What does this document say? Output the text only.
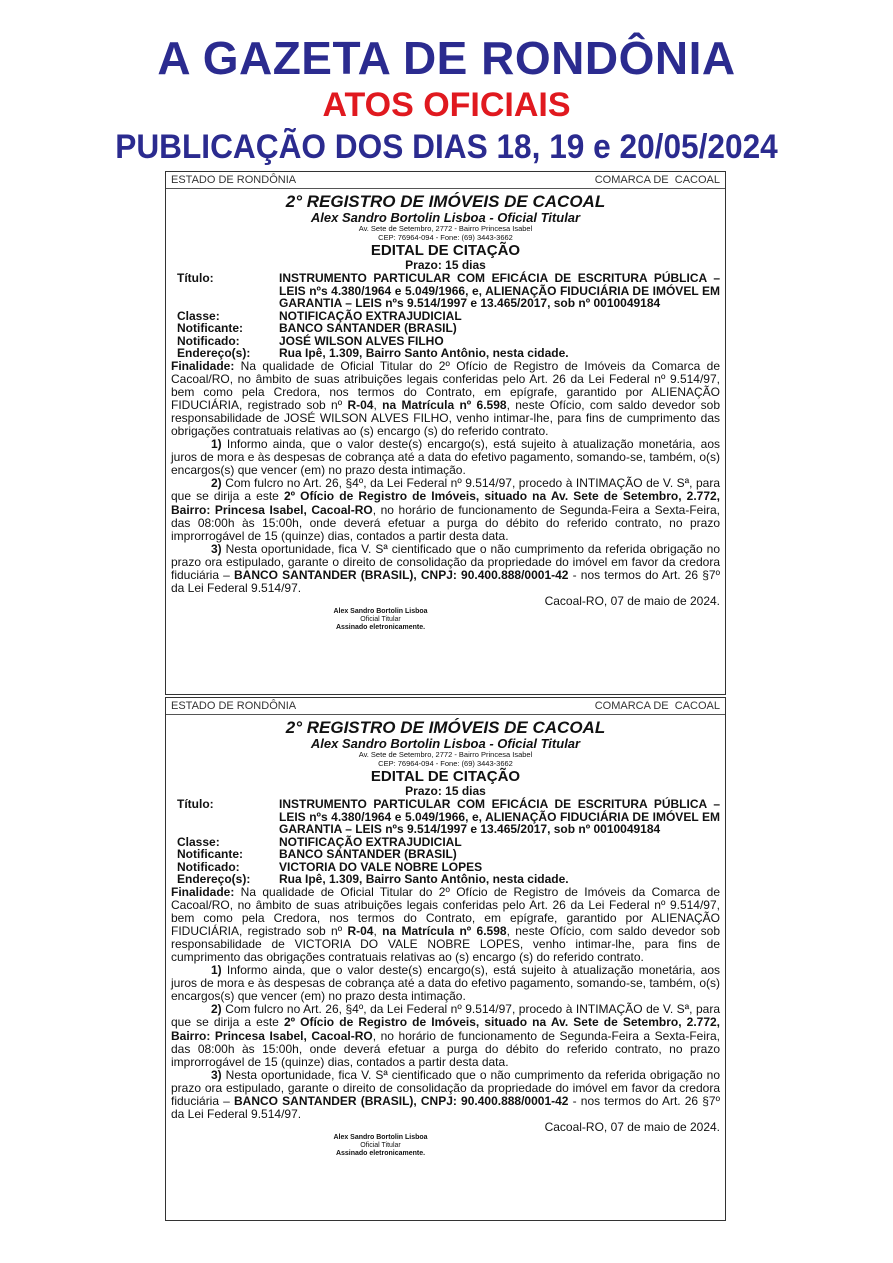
A GAZETA DE RONDÔNIA
ATOS OFICIAIS
PUBLICAÇÃO DOS DIAS 18, 19 e 20/05/2024
ESTADO DE RONDÔNIA	COMARCA DE  CACOAL
2° REGISTRO DE IMÓVEIS DE CACOAL
Alex Sandro Bortolin Lisboa - Oficial Titular
Av. Sete de Setembro, 2772 - Bairro Princesa Isabel
CEP: 76964-094 - Fone: (69) 3443-3662
EDITAL DE CITAÇÃO
Prazo: 15 dias
Título:	INSTRUMENTO PARTICULAR COM EFICÁCIA DE ESCRITURA PÚBLICA – LEIS nºs 4.380/1964 e 5.049/1966, e, ALIENAÇÃO FIDUCIÁRIA DE IMÓVEL EM GARANTIA – LEIS nºs 9.514/1997 e 13.465/2017, sob nº 0010049184
Classe:	NOTIFICAÇÃO EXTRAJUDICIAL
Notificante:	BANCO SANTANDER (BRASIL)
Notificado:	JOSÉ WILSON ALVES FILHO
Endereço(s):	Rua Ipê, 1.309, Bairro Santo Antônio, nesta cidade.

Finalidade: Na qualidade de Oficial Titular do 2º Ofício de Registro de Imóveis da Comarca de Cacoal/RO, no âmbito de suas atribuições legais conferidas pelo Art. 26 da Lei Federal nº 9.514/97, bem como pela Credora, nos termos do Contrato, em epígrafe, garantido por ALIENAÇÃO FIDUCIÁRIA, registrado sob nº R-04, na Matrícula nº 6.598, neste Ofício, com saldo devedor sob responsabilidade de JOSÉ WILSON ALVES FILHO, venho intimar-lhe, para fins de cumprimento das obrigações contratuais relativas ao (s) encargo (s) do referido contrato.

1) Informo ainda, que o valor deste(s) encargo(s), está sujeito à atualização monetária, aos juros de mora e às despesas de cobrança até a data do efetivo pagamento, somando-se, também, o(s) encargos(s) que vencer (em) no prazo desta intimação.

2) Com fulcro no Art. 26, §4º, da Lei Federal nº 9.514/97, procedo à INTIMAÇÃO de V. Sª, para que se dirija a este 2º Ofício de Registro de Imóveis, situado na Av. Sete de Setembro, 2.772, Bairro: Princesa Isabel, Cacoal-RO, no horário de funcionamento de Segunda-Feira a Sexta-Feira, das 08:00h às 15:00h, onde deverá efetuar a purga do débito do referido contrato, no prazo improrrogável de 15 (quinze) dias, contados a partir desta data.

3) Nesta oportunidade, fica V. Sª cientificado que o não cumprimento da referida obrigação no prazo ora estipulado, garante o direito de consolidação da propriedade do imóvel em favor da credora fiduciária – BANCO SANTANDER (BRASIL), CNPJ: 90.400.888/0001-42 - nos termos do Art. 26 §7º da Lei Federal 9.514/97.

Cacoal-RO, 07 de maio de 2024.
Alex Sandro Bortolin Lisboa
Oficial Titular
Assinado eletronicamente.
ESTADO DE RONDÔNIA	COMARCA DE  CACOAL
2° REGISTRO DE IMÓVEIS DE CACOAL
Alex Sandro Bortolin Lisboa - Oficial Titular
Av. Sete de Setembro, 2772 - Bairro Princesa Isabel
CEP: 76964-094 - Fone: (69) 3443-3662
EDITAL DE CITAÇÃO
Prazo: 15 dias
Título:	INSTRUMENTO PARTICULAR COM EFICÁCIA DE ESCRITURA PÚBLICA – LEIS nºs 4.380/1964 e 5.049/1966, e, ALIENAÇÃO FIDUCIÁRIA DE IMÓVEL EM GARANTIA – LEIS nºs 9.514/1997 e 13.465/2017, sob nº 0010049184
Classe:	NOTIFICAÇÃO EXTRAJUDICIAL
Notificante:	BANCO SANTANDER (BRASIL)
Notificado:	VICTORIA DO VALE NOBRE LOPES
Endereço(s):	Rua Ipê, 1.309, Bairro Santo Antônio, nesta cidade.

Finalidade: Na qualidade de Oficial Titular do 2º Ofício de Registro de Imóveis da Comarca de Cacoal/RO, no âmbito de suas atribuições legais conferidas pelo Art. 26 da Lei Federal nº 9.514/97, bem como pela Credora, nos termos do Contrato, em epígrafe, garantido por ALIENAÇÃO FIDUCIÁRIA, registrado sob nº R-04, na Matrícula nº 6.598, neste Ofício, com saldo devedor sob responsabilidade de VICTORIA DO VALE NOBRE LOPES, venho intimar-lhe, para fins de cumprimento das obrigações contratuais relativas ao (s) encargo (s) do referido contrato.

1) Informo ainda, que o valor deste(s) encargo(s), está sujeito à atualização monetária, aos juros de mora e às despesas de cobrança até a data do efetivo pagamento, somando-se, também, o(s) encargos(s) que vencer (em) no prazo desta intimação.

2) Com fulcro no Art. 26, §4º, da Lei Federal nº 9.514/97, procedo à INTIMAÇÃO de V. Sª, para que se dirija a este 2º Ofício de Registro de Imóveis, situado na Av. Sete de Setembro, 2.772, Bairro: Princesa Isabel, Cacoal-RO, no horário de funcionamento de Segunda-Feira a Sexta-Feira, das 08:00h às 15:00h, onde deverá efetuar a purga do débito do referido contrato, no prazo improrrogável de 15 (quinze) dias, contados a partir desta data.

3) Nesta oportunidade, fica V. Sª cientificado que o não cumprimento da referida obrigação no prazo ora estipulado, garante o direito de consolidação da propriedade do imóvel em favor da credora fiduciária – BANCO SANTANDER (BRASIL), CNPJ: 90.400.888/0001-42 - nos termos do Art. 26 §7º da Lei Federal 9.514/97.

Cacoal-RO, 07 de maio de 2024.
Alex Sandro Bortolin Lisboa
Oficial Titular
Assinado eletronicamente.
